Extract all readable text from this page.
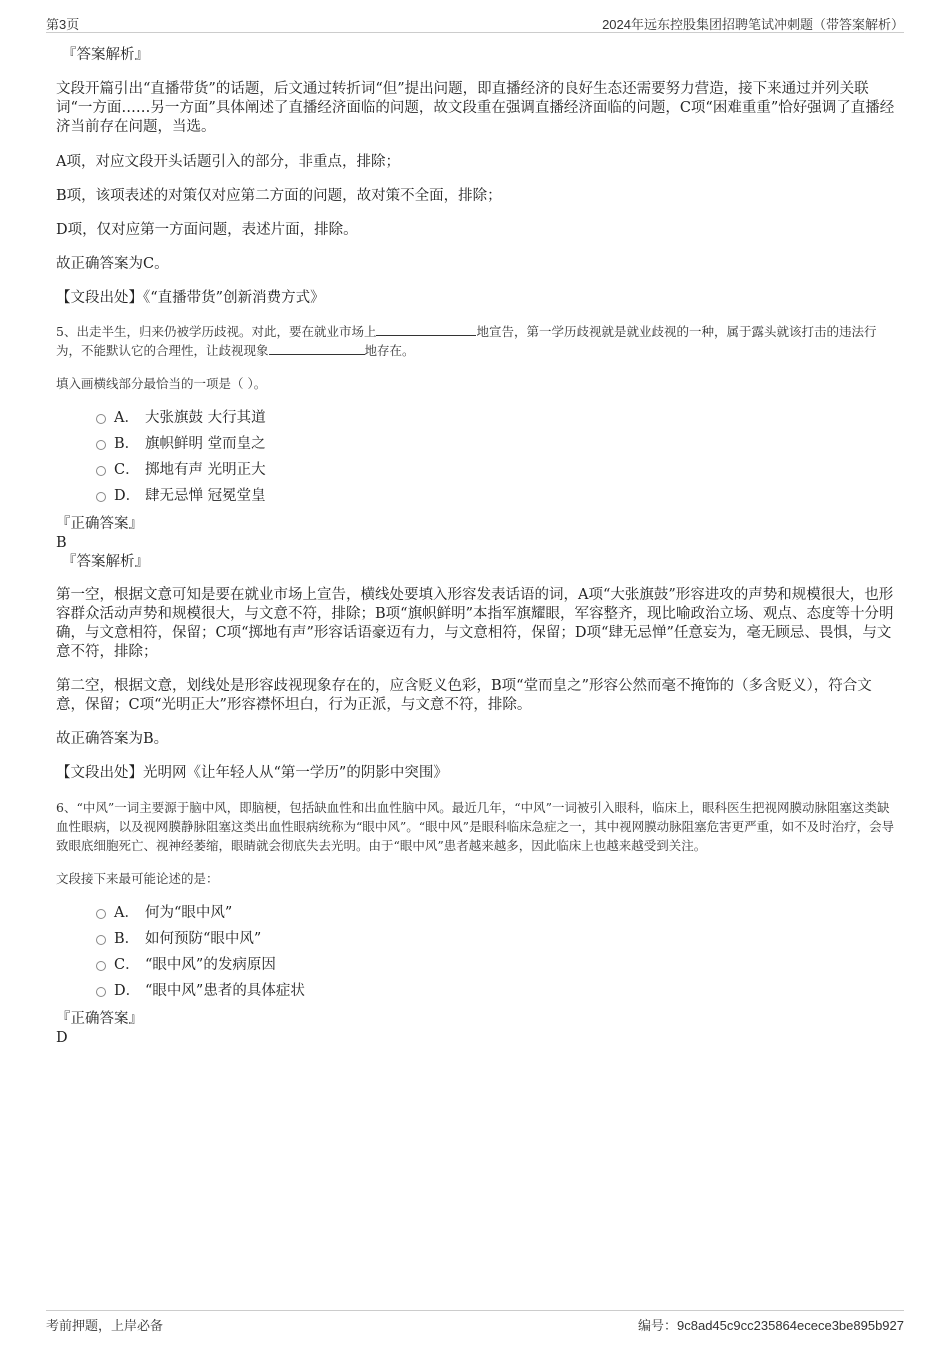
第3页	2024年远东控股集团招聘笔试冲刺题（带答案解析）

『答案解析』

文段开篇引出“直播带货”的话题，后文通过转折词“但”提出问题，即直播经济的良好生态还需要努力营造，接下来通过并列关联词“一方面……另一方面”具体阐述了直播经济面临的问题，故文段重在强调直播经济面临的问题，C项“困难重重”恰好强调了直播经济当前存在问题，当选。

A项，对应文段开头话题引入的部分，非重点，排除；

B项，该项表述的对策仅对应第二方面的问题，故对策不全面，排除；

D项，仅对应第一方面问题，表述片面，排除。

故正确答案为C。

【文段出处】《“直播带货”创新消费方式》

5、出走半生，归来仍被学历歧视。对此，要在就业市场上	地宣告，第一学历歧视就是就业歧视的一种，属于露头就该打击的违法行为，不能默认它的合理性，让歧视现象	地存在。

填入画横线部分最恰当的一项是（ ）。

A． 大张旗鼓 大行其道
B． 旗帜鲜明 堂而皇之
C． 掷地有声 光明正大
D． 肆无忌惮 冠冕堂皇

『正确答案』

B

『答案解析』

第一空，根据文意可知是要在就业市场上宣告，横线处要填入形容发表话语的词，A项“大张旗鼓”形容进攻的声势和规模很大，也形容群众活动声势和规模很大，与文意不符，排除；B项“旗帜鲜明”本指军旗耀眼，军容整齐，现比喻政治立场、观点、态度等十分明确，与文意相符，保留；C项“掷地有声”形容话语豪迈有力，与文意相符，保留；D项“肆无忌惮”任意妄为，毫无顾忌、畏惧，与文意不符，排除；

第二空，根据文意，划线处是形容歧视现象存在的，应含贬义色彩，B项“堂而皇之”形容公然而毫不掩饰的（多含贬义），符合文意，保留；C项“光明正大”形容襟怀坦白，行为正派，与文意不符，排除。

故正确答案为B。

【文段出处】光明网《让年轻人从“第一学历”的阴影中突围》

6、“中风”一词主要源于脑中风，即脑梗，包括缺血性和出血性脑中风。最近几年，“中风”一词被引入眼科，临床上，眼科医生把视网膜动脉阻塞这类缺血性眼病，以及视网膜静脉阻塞这类出血性眼病统称为“眼中风”。“眼中风”是眼科临床急症之一，其中视网膜动脉阻塞危害更严重，如不及时治疗，会导致眼底细胞死亡、视神经萎缩，眼睛就会彻底失去光明。由于“眼中风”患者越来越多，因此临床上也越来越受到关注。

文段接下来最可能论述的是：

A． 何为“眼中风”
B． 如何预防“眼中风”
C． “眼中风”的发病原因
D． “眼中风”患者的具体症状

『正确答案』

D

考前押题，上岸必备	编号：9c8ad45c9cc235864ecece3be895b927
